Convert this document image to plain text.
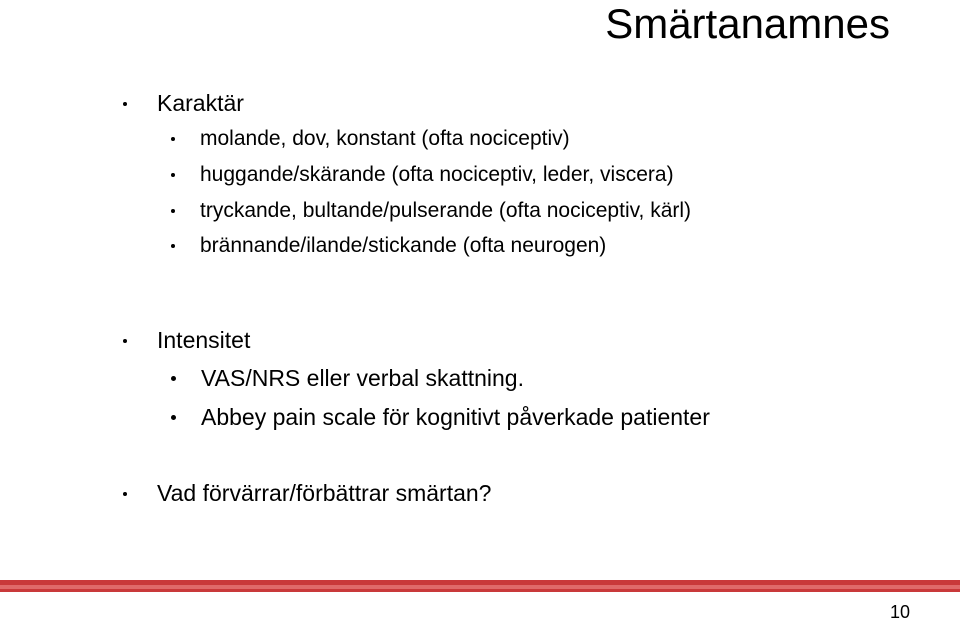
Smärtanamnes
Karaktär
molande, dov, konstant (ofta nociceptiv)
huggande/skärande (ofta nociceptiv, leder, viscera)
tryckande, bultande/pulserande (ofta nociceptiv, kärl)
brännande/ilande/stickande (ofta neurogen)
Intensitet
VAS/NRS eller verbal skattning.
Abbey pain scale för kognitivt påverkade patienter
Vad förvärrar/förbättrar smärtan?
10
